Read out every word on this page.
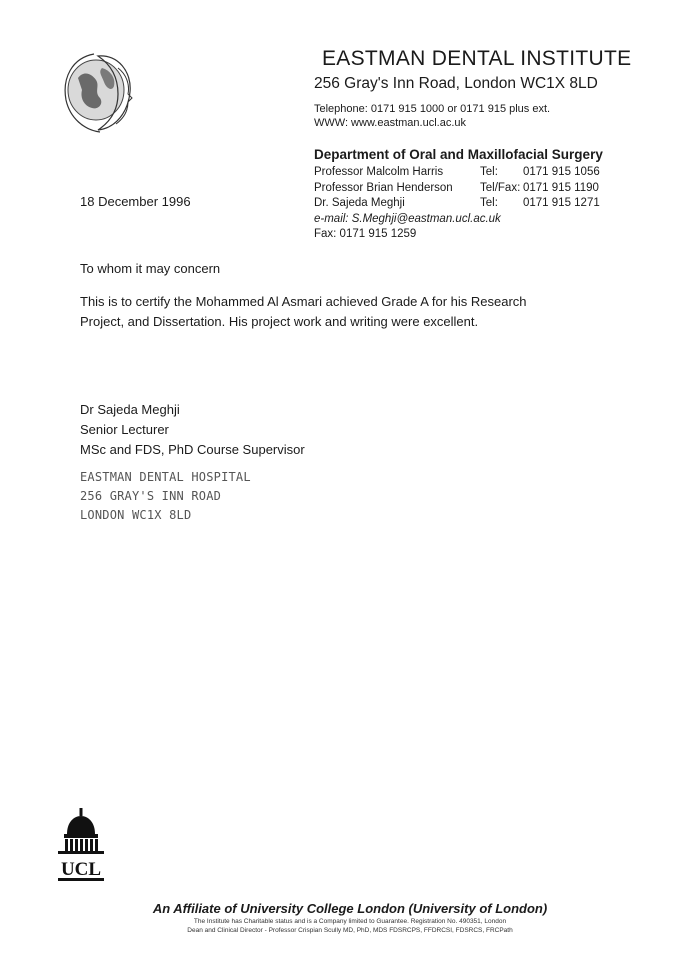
EASTMAN DENTAL INSTITUTE
256 Gray's Inn Road, London WC1X 8LD
Telephone: 0171 915 1000 or 0171 915 plus ext.
WWW: www.eastman.ucl.ac.uk
Department of Oral and Maxillofacial Surgery
Professor Malcolm Harris	Tel: 0171 915 1056
Professor Brian Henderson Tel/Fax: 0171 915 1190
Dr. Sajeda Meghji	Tel: 0171 915 1271
e-mail: S.Meghji@eastman.ucl.ac.uk
Fax: 0171 915 1259
18 December 1996
To whom it may concern
This is to certify the Mohammed Al Asmari achieved Grade A for his Research
Project, and Dissertation. His project work and writing were excellent.
Dr Sajeda Meghji
Senior Lecturer
MSc and FDS, PhD Course Supervisor
EASTMAN DENTAL HOSPITAL
256 GRAY'S INN ROAD
LONDON WC1X 8LD
UCL
An Affiliate of University College London (University of London)
The Institute has Charitable status and is a Company limited to Guarantee. Registration No. 490351, London
Dean and Clinical Director - Professor Crispian Scully MD, PhD, MDS FDSRCPS, FFDRCSI, FDSRCS, FRCPath
